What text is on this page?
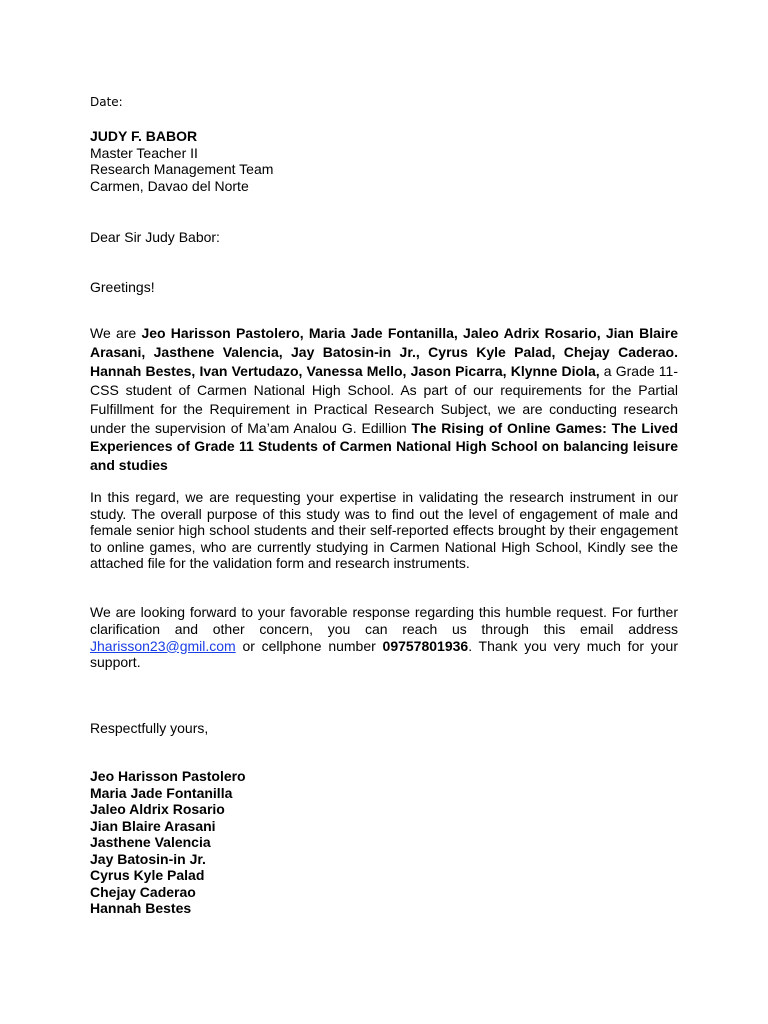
Date:
JUDY F. BABOR
Master Teacher II
Research Management Team
Carmen, Davao del Norte
Dear Sir Judy Babor:
Greetings!
We are Jeo Harisson Pastolero, Maria Jade Fontanilla, Jaleo Adrix Rosario, Jian Blaire Arasani, Jasthene Valencia, Jay Batosin-in Jr., Cyrus Kyle Palad, Chejay Caderao. Hannah Bestes, Ivan Vertudazo, Vanessa Mello, Jason Picarra, Klynne Diola, a Grade 11-CSS student of Carmen National High School. As part of our requirements for the Partial Fulfillment for the Requirement in Practical Research Subject, we are conducting research under the supervision of Ma’am Analou G. Edillion The Rising of Online Games: The Lived Experiences of Grade 11 Students of Carmen National High School on balancing leisure and studies
In this regard, we are requesting your expertise in validating the research instrument in our study. The overall purpose of this study was to find out the level of engagement of male and female senior high school students and their self-reported effects brought by their engagement to online games, who are currently studying in Carmen National High School, Kindly see the attached file for the validation form and research instruments.
We are looking forward to your favorable response regarding this humble request. For further clarification and other concern, you can reach us through this email address Jharisson23@gmil.com or cellphone number 09757801936. Thank you very much for your support.
Respectfully yours,
Jeo Harisson Pastolero
Maria Jade Fontanilla
Jaleo Aldrix Rosario
Jian Blaire Arasani
Jasthene Valencia
Jay Batosin-in Jr.
Cyrus Kyle Palad
Chejay Caderao
Hannah Bestes
